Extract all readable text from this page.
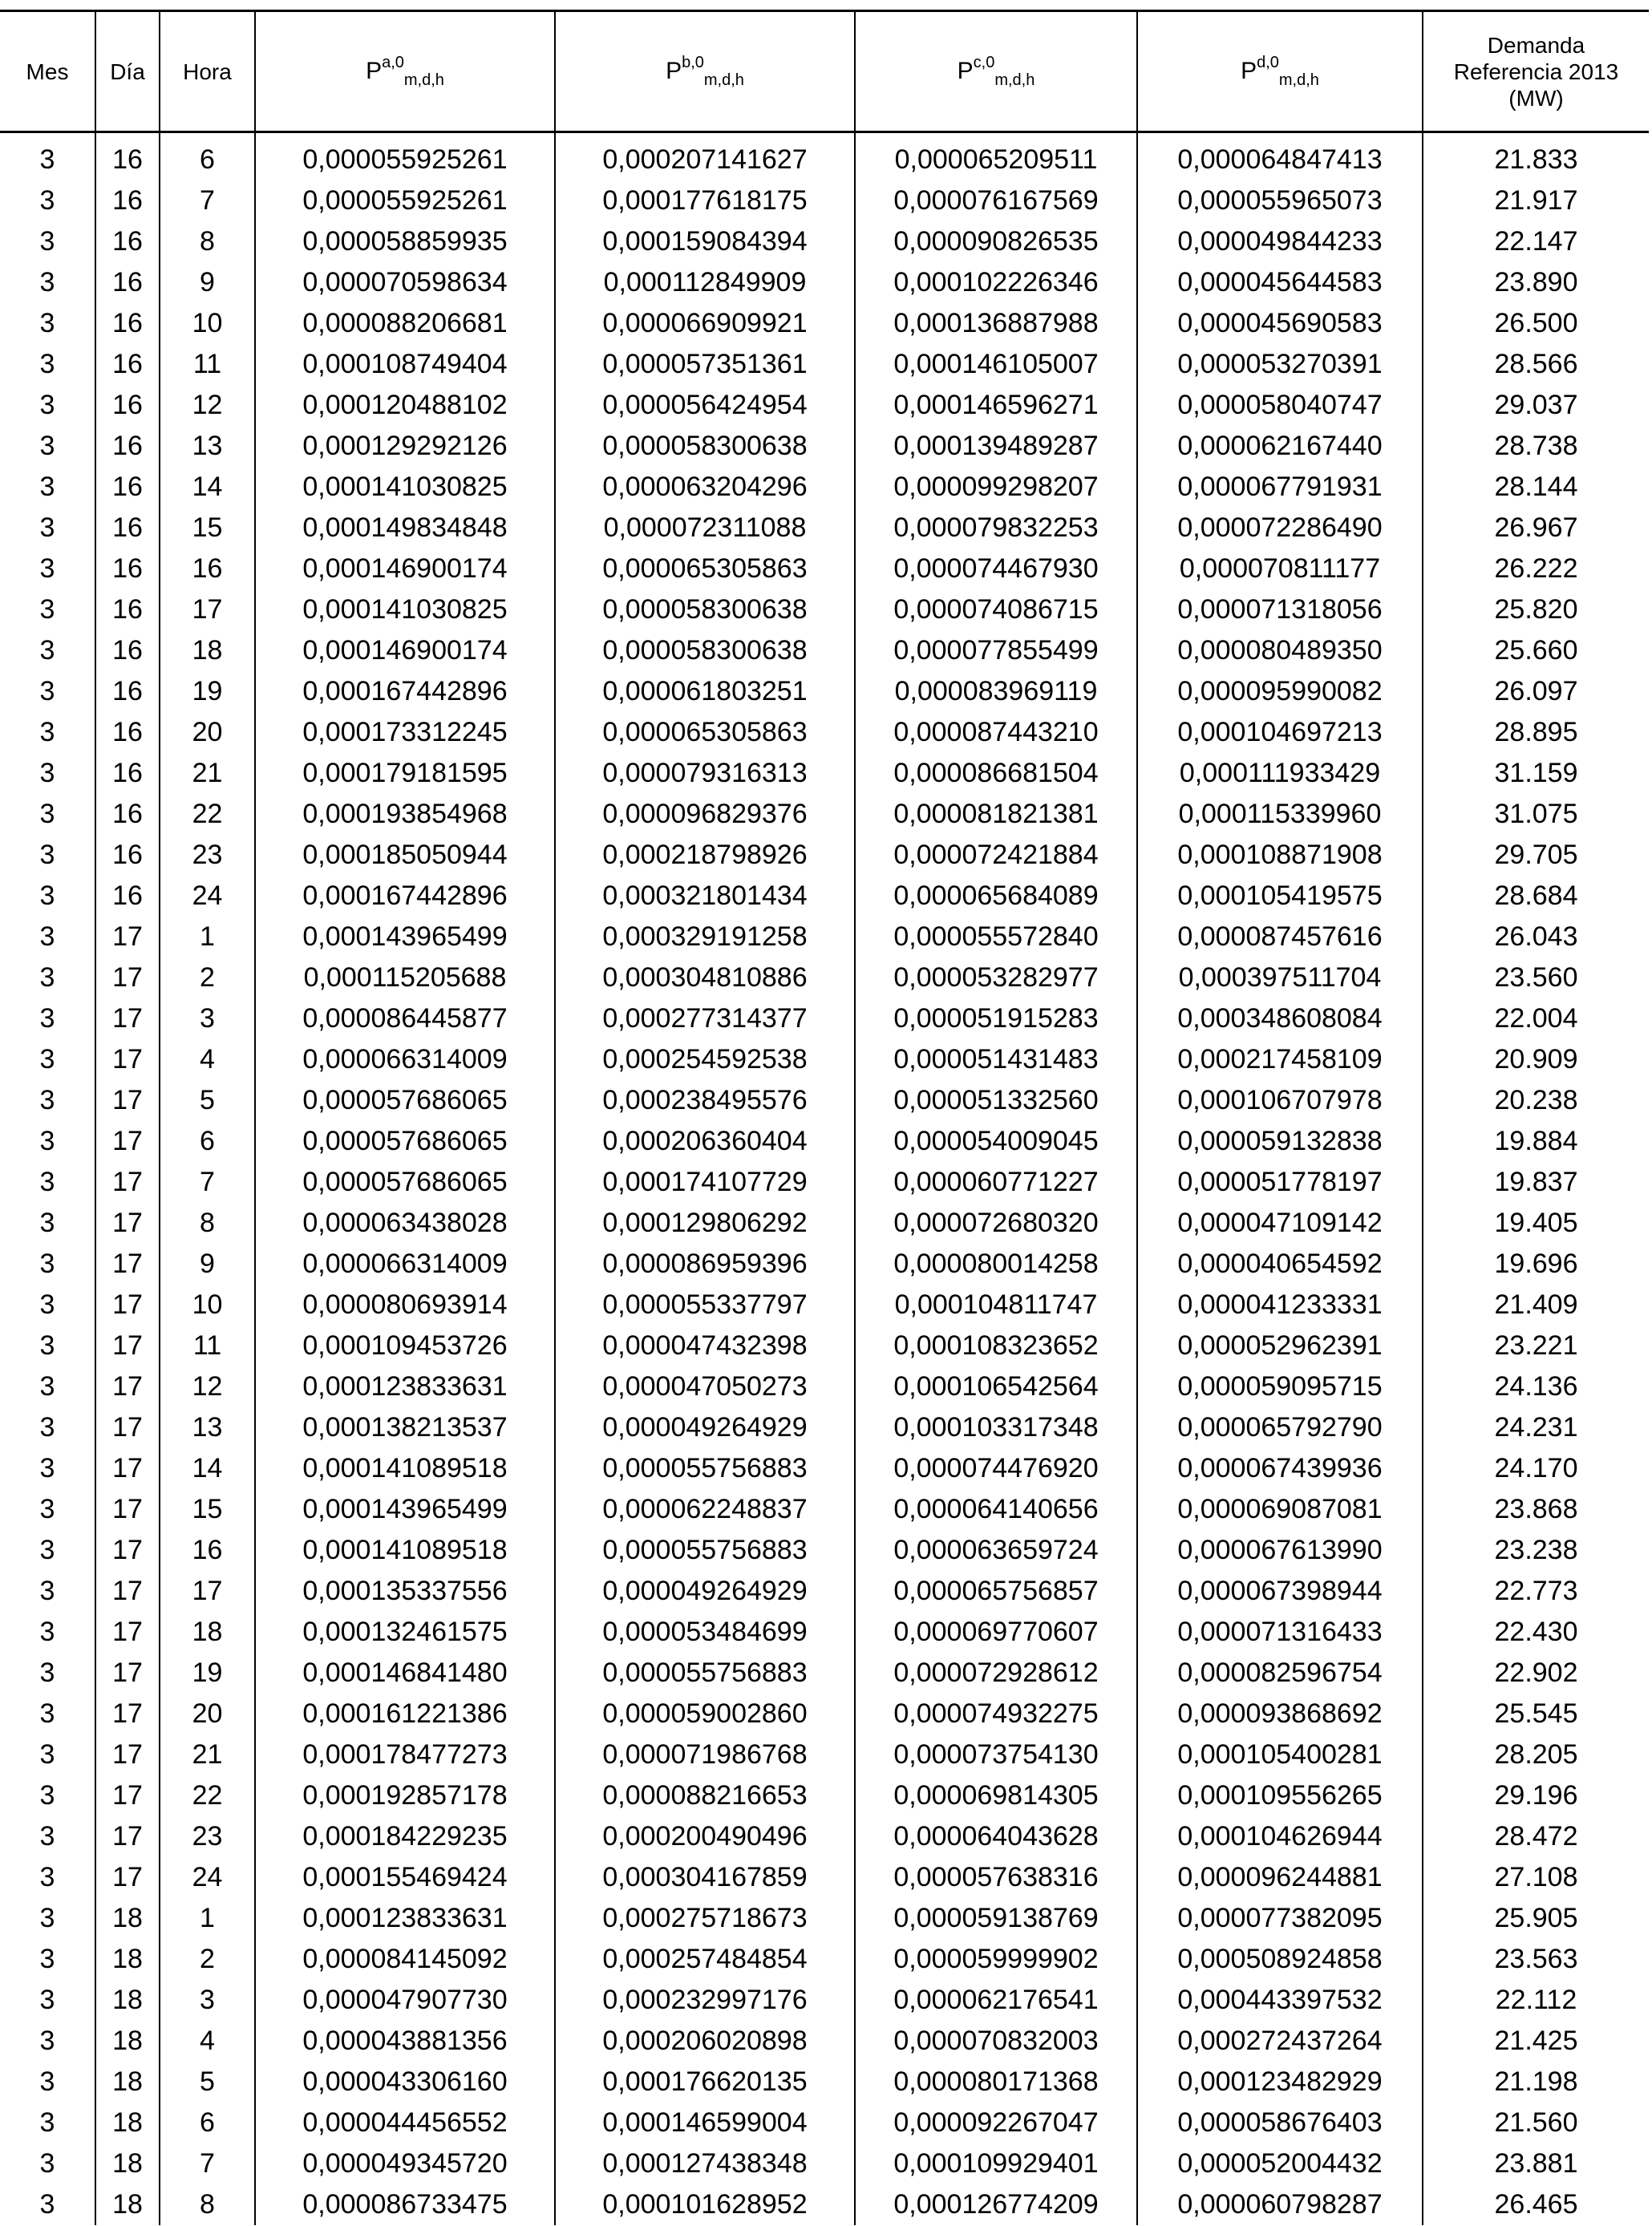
Mes	Día	Hora	P$^{a,0}_{m,d,h}$	P$^{b,0}_{m,d,h}$	P$^{c,0}_{m,d,h}$	P$^{d,0}_{m,d,h}$	Demanda
Referencia 2013
(MW)

3	16	6	0,000055925261	0,000207141627	0,000065209511	0,000064847413	21.833
3	16	7	0,000055925261	0,000177618175	0,000076167569	0,000055965073	21.917
3	16	8	0,000058859935	0,000159084394	0,000090826535	0,000049844233	22.147
3	16	9	0,000070598634	0,000112849909	0,000102226346	0,000045644583	23.890
3	16	10	0,000088206681	0,000066909921	0,000136887988	0,000045690583	26.500
3	16	11	0,000108749404	0,000057351361	0,000146105007	0,000053270391	28.566
3	16	12	0,000120488102	0,000056424954	0,000146596271	0,000058040747	29.037
3	16	13	0,000129292126	0,000058300638	0,000139489287	0,000062167440	28.738
3	16	14	0,000141030825	0,000063204296	0,000099298207	0,000067791931	28.144
3	16	15	0,000149834848	0,000072311088	0,000079832253	0,000072286490	26.967
3	16	16	0,000146900174	0,000065305863	0,000074467930	0,000070811177	26.222
3	16	17	0,000141030825	0,000058300638	0,000074086715	0,000071318056	25.820
3	16	18	0,000146900174	0,000058300638	0,000077855499	0,000080489350	25.660
3	16	19	0,000167442896	0,000061803251	0,000083969119	0,000095990082	26.097
3	16	20	0,000173312245	0,000065305863	0,000087443210	0,000104697213	28.895
3	16	21	0,000179181595	0,000079316313	0,000086681504	0,000111933429	31.159
3	16	22	0,000193854968	0,000096829376	0,000081821381	0,000115339960	31.075
3	16	23	0,000185050944	0,000218798926	0,000072421884	0,000108871908	29.705
3	16	24	0,000167442896	0,000321801434	0,000065684089	0,000105419575	28.684
3	17	1	0,000143965499	0,000329191258	0,000055572840	0,000087457616	26.043
3	17	2	0,000115205688	0,000304810886	0,000053282977	0,000397511704	23.560
3	17	3	0,000086445877	0,000277314377	0,000051915283	0,000348608084	22.004
3	17	4	0,000066314009	0,000254592538	0,000051431483	0,000217458109	20.909
3	17	5	0,000057686065	0,000238495576	0,000051332560	0,000106707978	20.238
3	17	6	0,000057686065	0,000206360404	0,000054009045	0,000059132838	19.884
3	17	7	0,000057686065	0,000174107729	0,000060771227	0,000051778197	19.837
3	17	8	0,000063438028	0,000129806292	0,000072680320	0,000047109142	19.405
3	17	9	0,000066314009	0,000086959396	0,000080014258	0,000040654592	19.696
3	17	10	0,000080693914	0,000055337797	0,000104811747	0,000041233331	21.409
3	17	11	0,000109453726	0,000047432398	0,000108323652	0,000052962391	23.221
3	17	12	0,000123833631	0,000047050273	0,000106542564	0,000059095715	24.136
3	17	13	0,000138213537	0,000049264929	0,000103317348	0,000065792790	24.231
3	17	14	0,000141089518	0,000055756883	0,000074476920	0,000067439936	24.170
3	17	15	0,000143965499	0,000062248837	0,000064140656	0,000069087081	23.868
3	17	16	0,000141089518	0,000055756883	0,000063659724	0,000067613990	23.238
3	17	17	0,000135337556	0,000049264929	0,000065756857	0,000067398944	22.773
3	17	18	0,000132461575	0,000053484699	0,000069770607	0,000071316433	22.430
3	17	19	0,000146841480	0,000055756883	0,000072928612	0,000082596754	22.902
3	17	20	0,000161221386	0,000059002860	0,000074932275	0,000093868692	25.545
3	17	21	0,000178477273	0,000071986768	0,000073754130	0,000105400281	28.205
3	17	22	0,000192857178	0,000088216653	0,000069814305	0,000109556265	29.196
3	17	23	0,000184229235	0,000200490496	0,000064043628	0,000104626944	28.472
3	17	24	0,000155469424	0,000304167859	0,000057638316	0,000096244881	27.108
3	18	1	0,000123833631	0,000275718673	0,000059138769	0,000077382095	25.905
3	18	2	0,000084145092	0,000257484854	0,000059999902	0,000508924858	23.563
3	18	3	0,000047907730	0,000232997176	0,000062176541	0,000443397532	22.112
3	18	4	0,000043881356	0,000206020898	0,000070832003	0,000272437264	21.425
3	18	5	0,000043306160	0,000176620135	0,000080171368	0,000123482929	21.198
3	18	6	0,000044456552	0,000146599004	0,000092267047	0,000058676403	21.560
3	18	7	0,000049345720	0,000127438348	0,000109929401	0,000052004432	23.881
3	18	8	0,000086733475	0,000101628952	0,000126774209	0,000060798287	26.465
